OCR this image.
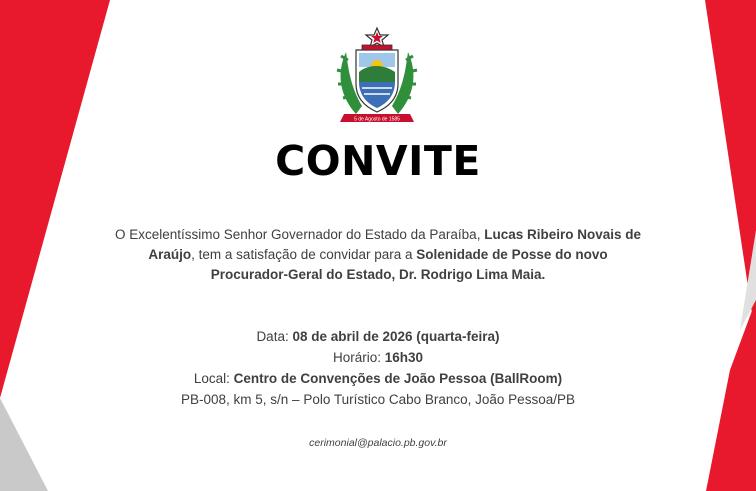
5 de Agosto de 1585
CONVITE
O Excelentíssimo Senhor Governador do Estado da Paraíba, Lucas Ribeiro Novais de Araújo, tem a satisfação de convidar para a Solenidade de Posse do novo Procurador-Geral do Estado, Dr. Rodrigo Lima Maia.
Data: 08 de abril de 2026 (quarta-feira)
Horário: 16h30
Local: Centro de Convenções de João Pessoa (BallRoom)
PB-008, km 5, s/n – Polo Turístico Cabo Branco, João Pessoa/PB
cerimonial@palacio.pb.gov.br
